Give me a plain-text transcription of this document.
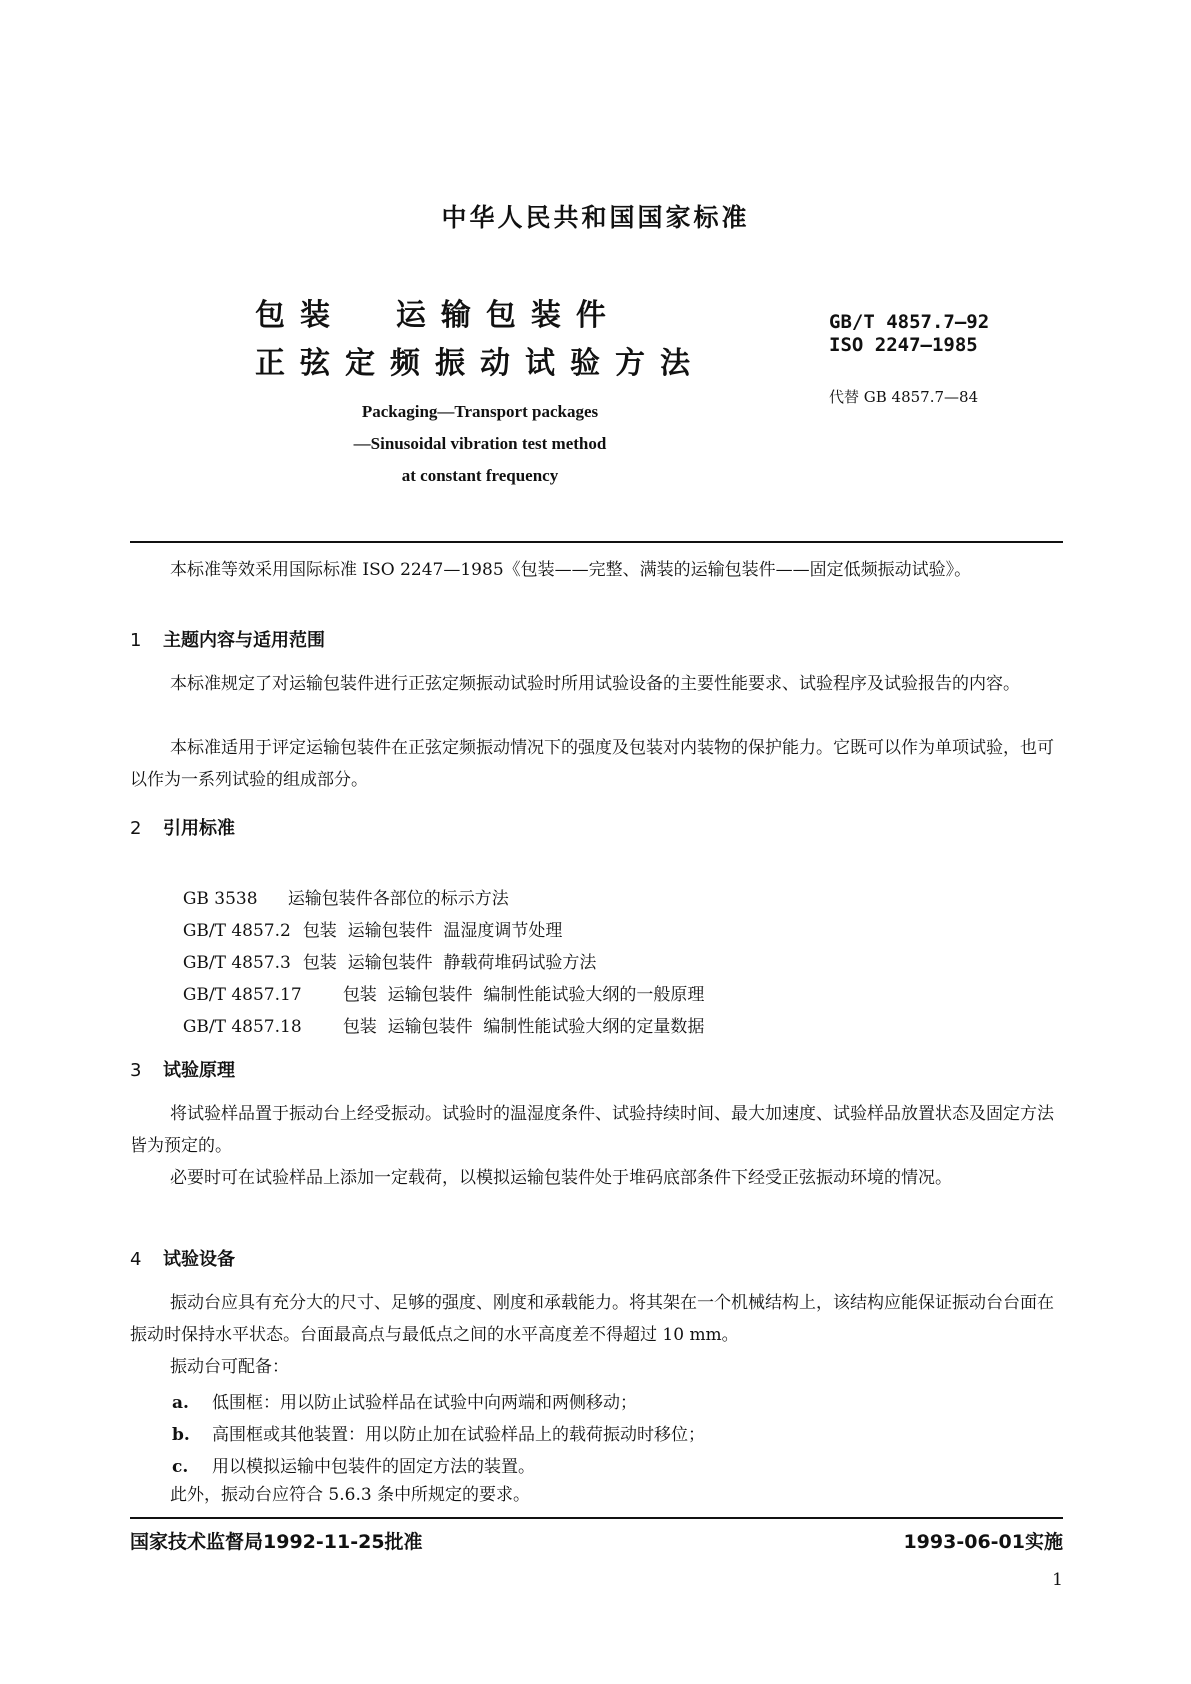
中华人民共和国国家标准
包装  运输包装件
正弦定频振动试验方法
GB/T 4857.7—92
ISO 2247—1985
代替 GB 4857.7—84
Packaging—Transport packages
—Sinusoidal vibration test method
at constant frequency

本标准等效采用国际标准 ISO 2247—1985《包装——完整、满装的运输包装件——固定低频振动试验》。

1 主题内容与适用范围

本标准规定了对运输包装件进行正弦定频振动试验时所用试验设备的主要性能要求、试验程序及试验报告的内容。

本标准适用于评定运输包装件在正弦定频振动情况下的强度及包装对内装物的保护能力。它既可以作为单项试验，也可以作为一系列试验的组成部分。

2 引用标准

GB 3538 运输包装件各部位的标示方法

GB/T 4857.2 包装  运输包装件  温湿度调节处理

GB/T 4857.3 包装  运输包装件  静载荷堆码试验方法

GB/T 4857.17 包装  运输包装件  编制性能试验大纲的一般原理

GB/T 4857.18 包装  运输包装件  编制性能试验大纲的定量数据

3 试验原理

将试验样品置于振动台上经受振动。试验时的温湿度条件、试验持续时间、最大加速度、试验样品放置状态及固定方法皆为预定的。

必要时可在试验样品上添加一定载荷，以模拟运输包装件处于堆码底部条件下经受正弦振动环境的情况。

4 试验设备

振动台应具有充分大的尺寸、足够的强度、刚度和承载能力。将其架在一个机械结构上，该结构应能保证振动台台面在振动时保持水平状态。台面最高点与最低点之间的水平高度差不得超过 10 mm。

振动台可配备：

a. 低围框：用以防止试验样品在试验中向两端和两侧移动；
b. 高围框或其他装置：用以防止加在试验样品上的载荷振动时移位；
c. 用以模拟运输中包装件的固定方法的装置。

此外，振动台应符合 5.6.3 条中所规定的要求。

国家技术监督局1992-11-25批准	1993-06-01实施
1
